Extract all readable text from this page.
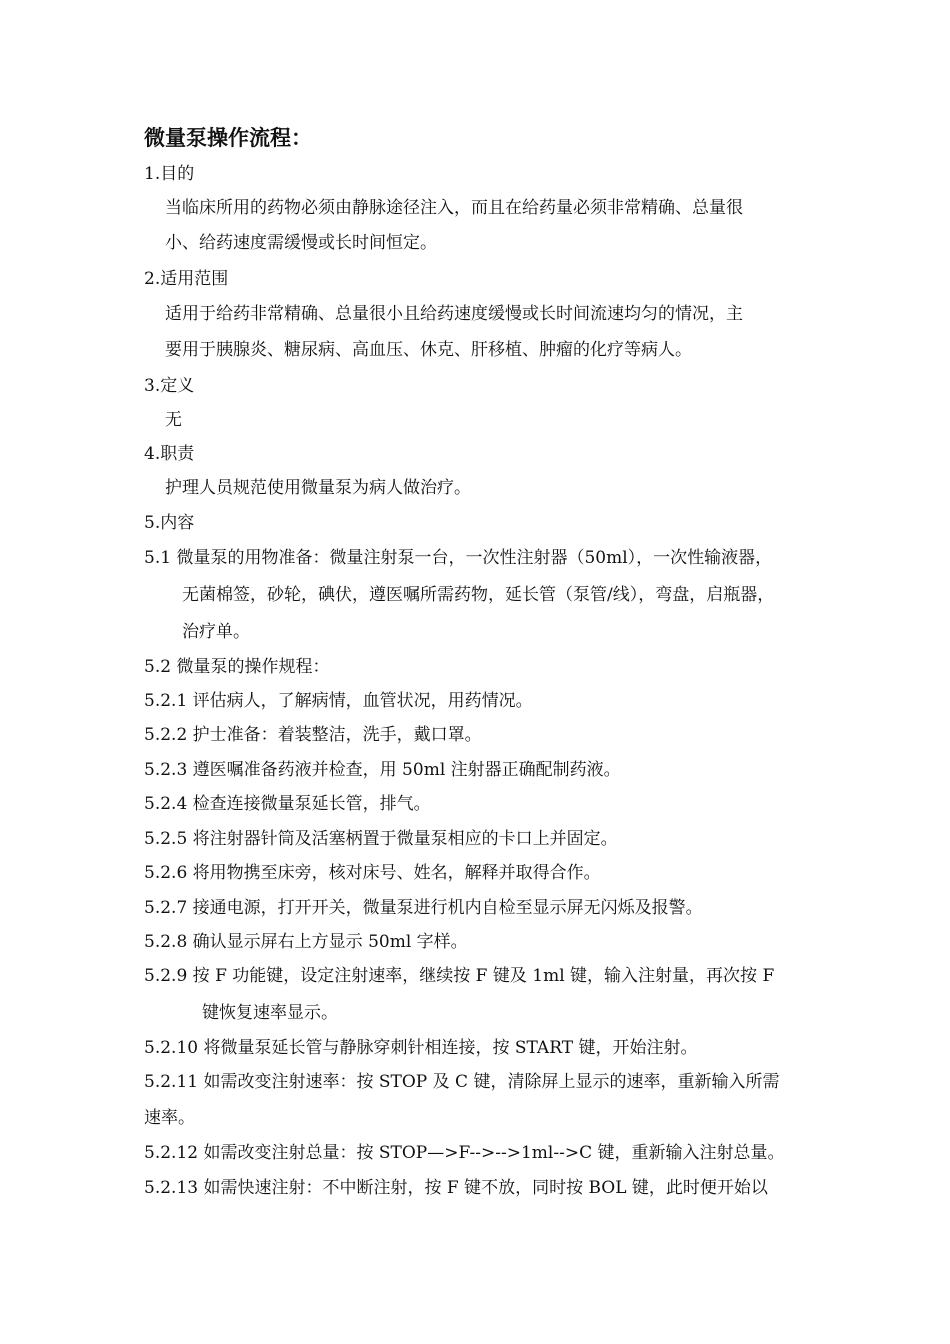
微量泵操作流程：
1.目的
当临床所用的药物必须由静脉途径注入，而且在给药量必须非常精确、总量很
小、给药速度需缓慢或长时间恒定。
2.适用范围
适用于给药非常精确、总量很小且给药速度缓慢或长时间流速均匀的情况，主
要用于胰腺炎、糖尿病、高血压、休克、肝移植、肿瘤的化疗等病人。
3.定义
无
4.职责
护理人员规范使用微量泵为病人做治疗。
5.内容
5.1 微量泵的用物准备：微量注射泵一台，一次性注射器（50ml），一次性输液器，
无菌棉签，砂轮，碘伏，遵医嘱所需药物，延长管（泵管/线），弯盘，启瓶器，
治疗单。
5.2 微量泵的操作规程：
5.2.1 评估病人，了解病情，血管状况，用药情况。
5.2.2 护士准备：着装整洁，洗手，戴口罩。
5.2.3 遵医嘱准备药液并检查，用 50ml 注射器正确配制药液。
5.2.4 检查连接微量泵延长管，排气。
5.2.5 将注射器针筒及活塞柄置于微量泵相应的卡口上并固定。
5.2.6 将用物携至床旁，核对床号、姓名，解释并取得合作。
5.2.7 接通电源，打开开关，微量泵进行机内自检至显示屏无闪烁及报警。
5.2.8 确认显示屏右上方显示 50ml 字样。
5.2.9 按 F 功能键，设定注射速率，继续按 F 键及 1ml 键，输入注射量，再次按 F
键恢复速率显示。
5.2.10 将微量泵延长管与静脉穿刺针相连接，按 START 键，开始注射。
5.2.11 如需改变注射速率：按 STOP 及 C 键，清除屏上显示的速率，重新输入所需
速率。
5.2.12 如需改变注射总量：按 STOP—>F-->-->1ml-->C 键，重新输入注射总量。
5.2.13 如需快速注射：不中断注射，按 F 键不放，同时按 BOL 键，此时便开始以
